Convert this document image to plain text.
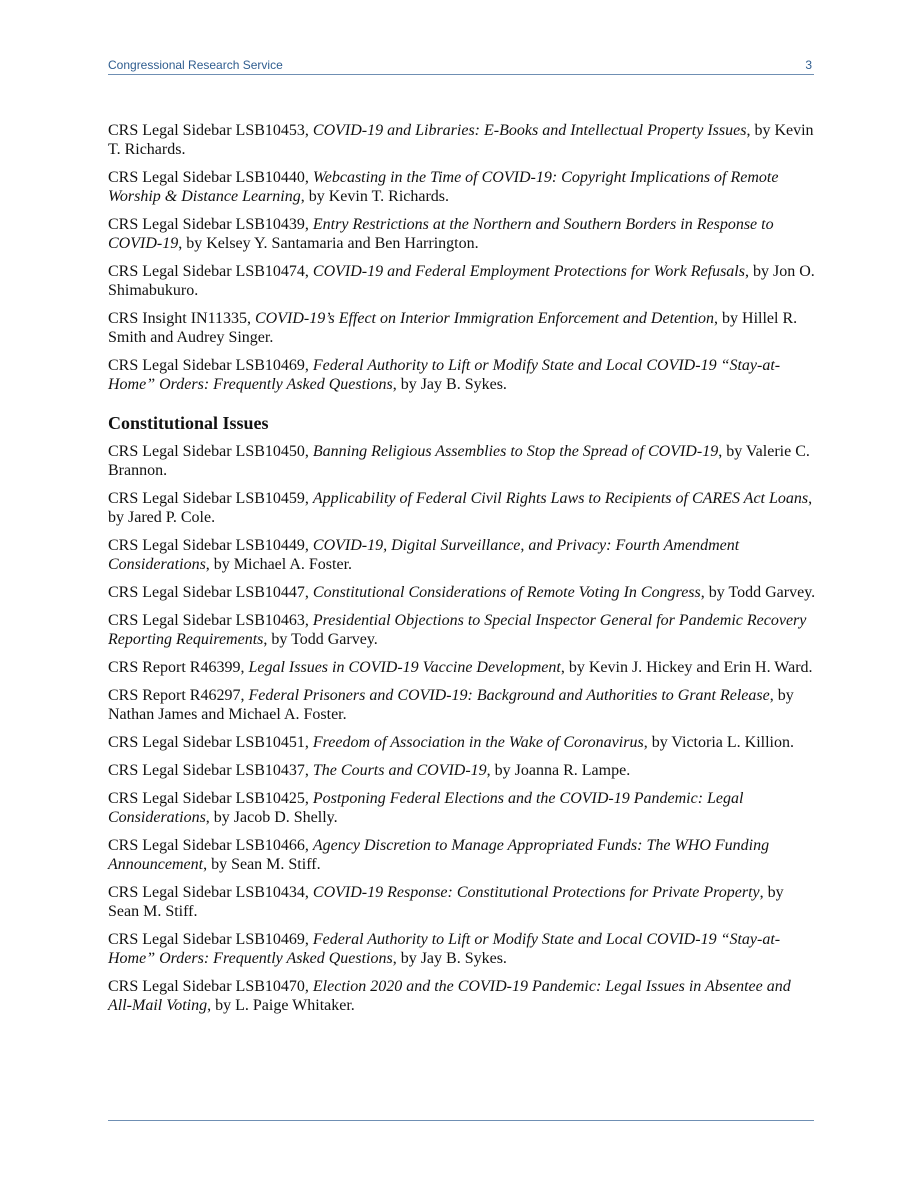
Congressional Research Service	3

CRS Legal Sidebar LSB10453, COVID-19 and Libraries: E-Books and Intellectual Property Issues, by Kevin T. Richards.

CRS Legal Sidebar LSB10440, Webcasting in the Time of COVID-19: Copyright Implications of Remote Worship & Distance Learning, by Kevin T. Richards.

CRS Legal Sidebar LSB10439, Entry Restrictions at the Northern and Southern Borders in Response to COVID-19, by Kelsey Y. Santamaria and Ben Harrington.

CRS Legal Sidebar LSB10474, COVID-19 and Federal Employment Protections for Work Refusals, by Jon O. Shimabukuro.

CRS Insight IN11335, COVID-19’s Effect on Interior Immigration Enforcement and Detention, by Hillel R. Smith and Audrey Singer.

CRS Legal Sidebar LSB10469, Federal Authority to Lift or Modify State and Local COVID-19 “Stay-at-Home” Orders: Frequently Asked Questions, by Jay B. Sykes.

Constitutional Issues

CRS Legal Sidebar LSB10450, Banning Religious Assemblies to Stop the Spread of COVID-19, by Valerie C. Brannon.

CRS Legal Sidebar LSB10459, Applicability of Federal Civil Rights Laws to Recipients of CARES Act Loans, by Jared P. Cole.

CRS Legal Sidebar LSB10449, COVID-19, Digital Surveillance, and Privacy: Fourth Amendment Considerations, by Michael A. Foster.

CRS Legal Sidebar LSB10447, Constitutional Considerations of Remote Voting In Congress, by Todd Garvey.

CRS Legal Sidebar LSB10463, Presidential Objections to Special Inspector General for Pandemic Recovery Reporting Requirements, by Todd Garvey.

CRS Report R46399, Legal Issues in COVID-19 Vaccine Development, by Kevin J. Hickey and Erin H. Ward.

CRS Report R46297, Federal Prisoners and COVID-19: Background and Authorities to Grant Release, by Nathan James and Michael A. Foster.

CRS Legal Sidebar LSB10451, Freedom of Association in the Wake of Coronavirus, by Victoria L. Killion.

CRS Legal Sidebar LSB10437, The Courts and COVID-19, by Joanna R. Lampe.

CRS Legal Sidebar LSB10425, Postponing Federal Elections and the COVID-19 Pandemic: Legal Considerations, by Jacob D. Shelly.

CRS Legal Sidebar LSB10466, Agency Discretion to Manage Appropriated Funds: The WHO Funding Announcement, by Sean M. Stiff.

CRS Legal Sidebar LSB10434, COVID-19 Response: Constitutional Protections for Private Property, by Sean M. Stiff.

CRS Legal Sidebar LSB10469, Federal Authority to Lift or Modify State and Local COVID-19 “Stay-at-Home” Orders: Frequently Asked Questions, by Jay B. Sykes.

CRS Legal Sidebar LSB10470, Election 2020 and the COVID-19 Pandemic: Legal Issues in Absentee and All-Mail Voting, by L. Paige Whitaker.
